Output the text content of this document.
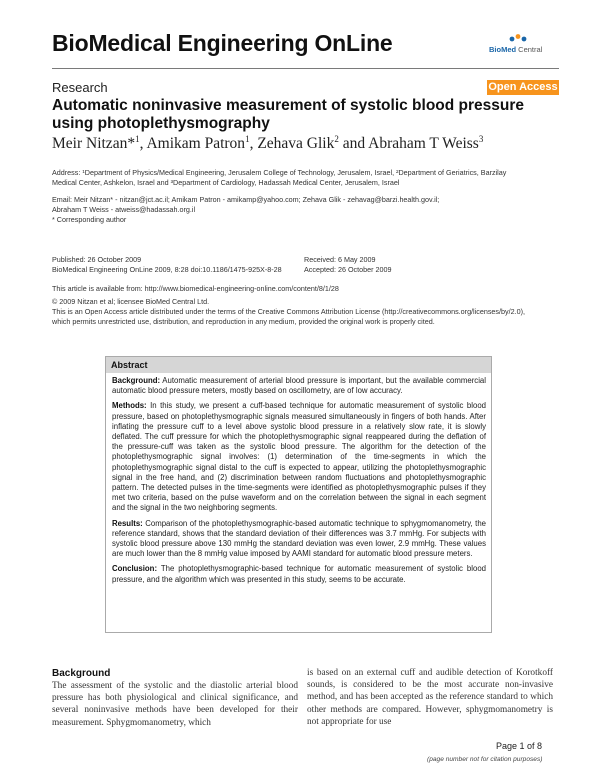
BioMedical Engineering OnLine	BioMed Central
Research	Open Access
Automatic noninvasive measurement of systolic blood pressure
using photoplethysmography
Meir Nitzan*$^1$, Amikam Patron$^1$, Zehava Glik$^2$ and Abraham T Weiss$^3$
Address: ¹Department of Physics/Medical Engineering, Jerusalem College of Technology, Jerusalem, Israel, ²Department of Geriatrics, Barzilay
Medical Center, Ashkelon, Israel and ³Department of Cardiology, Hadassah Medical Center, Jerusalem, Israel
Email: Meir Nitzan* - nitzan@jct.ac.il; Amikam Patron - amikamp@yahoo.com; Zehava Glik - zehavag@barzi.health.gov.il;
Abraham T Weiss - atweiss@hadassah.org.il
* Corresponding author
Published: 26 October 2009
BioMedical Engineering OnLine 2009, 8:28 doi:10.1186/1475-925X-8-28
Received: 6 May 2009
Accepted: 26 October 2009
This article is available from: http://www.biomedical-engineering-online.com/content/8/1/28
© 2009 Nitzan et al; licensee BioMed Central Ltd.
This is an Open Access article distributed under the terms of the Creative Commons Attribution License (http://creativecommons.org/licenses/by/2.0),
which permits unrestricted use, distribution, and reproduction in any medium, provided the original work is properly cited.
Abstract

Background: Automatic measurement of arterial blood pressure is important, but the available commercial automatic blood pressure meters, mostly based on oscillometry, are of low accuracy.

Methods: In this study, we present a cuff-based technique for automatic measurement of systolic blood pressure, based on photoplethysmographic signals measured simultaneously in fingers of both hands. After inflating the pressure cuff to a level above systolic blood pressure in a relatively slow rate, it is slowly deflated. The cuff pressure for which the photoplethysmographic signal reappeared during the deflation of the pressure-cuff was taken as the systolic blood pressure. The algorithm for the detection of the photoplethysmographic signal involves: (1) determination of the time-segments in which the photoplethysmographic signal distal to the cuff is expected to appear, utilizing the photoplethysmographic signal in the free hand, and (2) discrimination between random fluctuations and photoplethysmographic pattern. The detected pulses in the time-segments were identified as photoplethysmographic pulses if they met two criteria, based on the pulse waveform and on the correlation between the signal in each segment and the signal in the two neighboring segments.

Results: Comparison of the photoplethysmographic-based automatic technique to sphygmomanometry, the reference standard, shows that the standard deviation of their differences was 3.7 mmHg. For subjects with systolic blood pressure above 130 mmHg the standard deviation was even lower, 2.9 mmHg. These values are much lower than the 8 mmHg value imposed by AAMI standard for automatic blood pressure meters.

Conclusion: The photoplethysmographic-based technique for automatic measurement of systolic blood pressure, and the algorithm which was presented in this study, seems to be accurate.

Background
The assessment of the systolic and the diastolic arterial blood pressure has both physiological and clinical significance, and several noninvasive methods have been developed for their measurement. Sphygmomanometry, which
is based on an external cuff and audible detection of Korotkoff sounds, is considered to be the most accurate non-invasive method, and has been accepted as the reference standard to which other methods are compared. However, sphygmomanometry is not appropriate for use
Page 1 of 8
(page number not for citation purposes)
